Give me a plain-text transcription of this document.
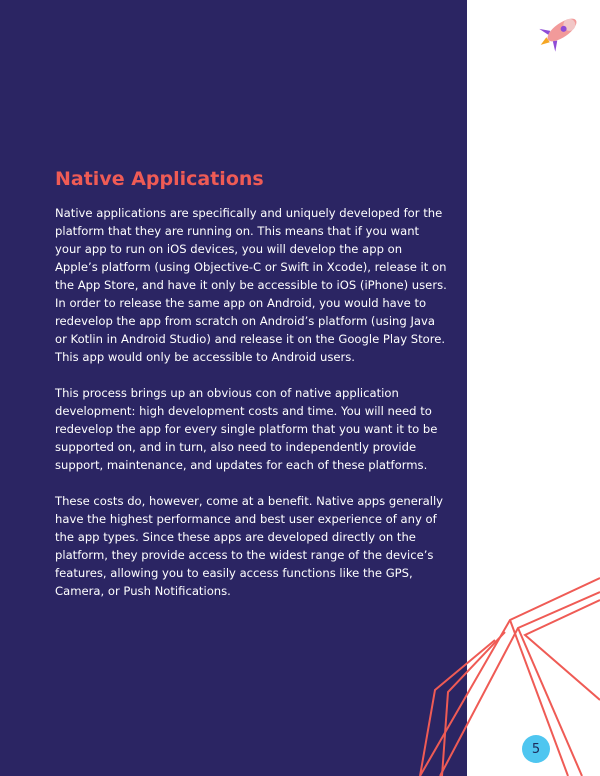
Native Applications

Native applications are specifically and uniquely developed for the platform that they are running on. This means that if you want your app to run on iOS devices, you will develop the app on Apple’s platform (using Objective-C or Swift in Xcode), release it on the App Store, and have it only be accessible to iOS (iPhone) users. In order to release the same app on Android, you would have to redevelop the app from scratch on Android’s platform (using Java or Kotlin in Android Studio) and release it on the Google Play Store. This app would only be accessible to Android users.

This process brings up an obvious con of native application development: high development costs and time. You will need to redevelop the app for every single platform that you want it to be supported on, and in turn, also need to independently provide support, maintenance, and updates for each of these platforms.

These costs do, however, come at a benefit. Native apps generally have the highest performance and best user experience of any of the app types. Since these apps are developed directly on the platform, they provide access to the widest range of the device’s features, allowing you to easily access functions like the GPS, Camera, or Push Notifications.

5
